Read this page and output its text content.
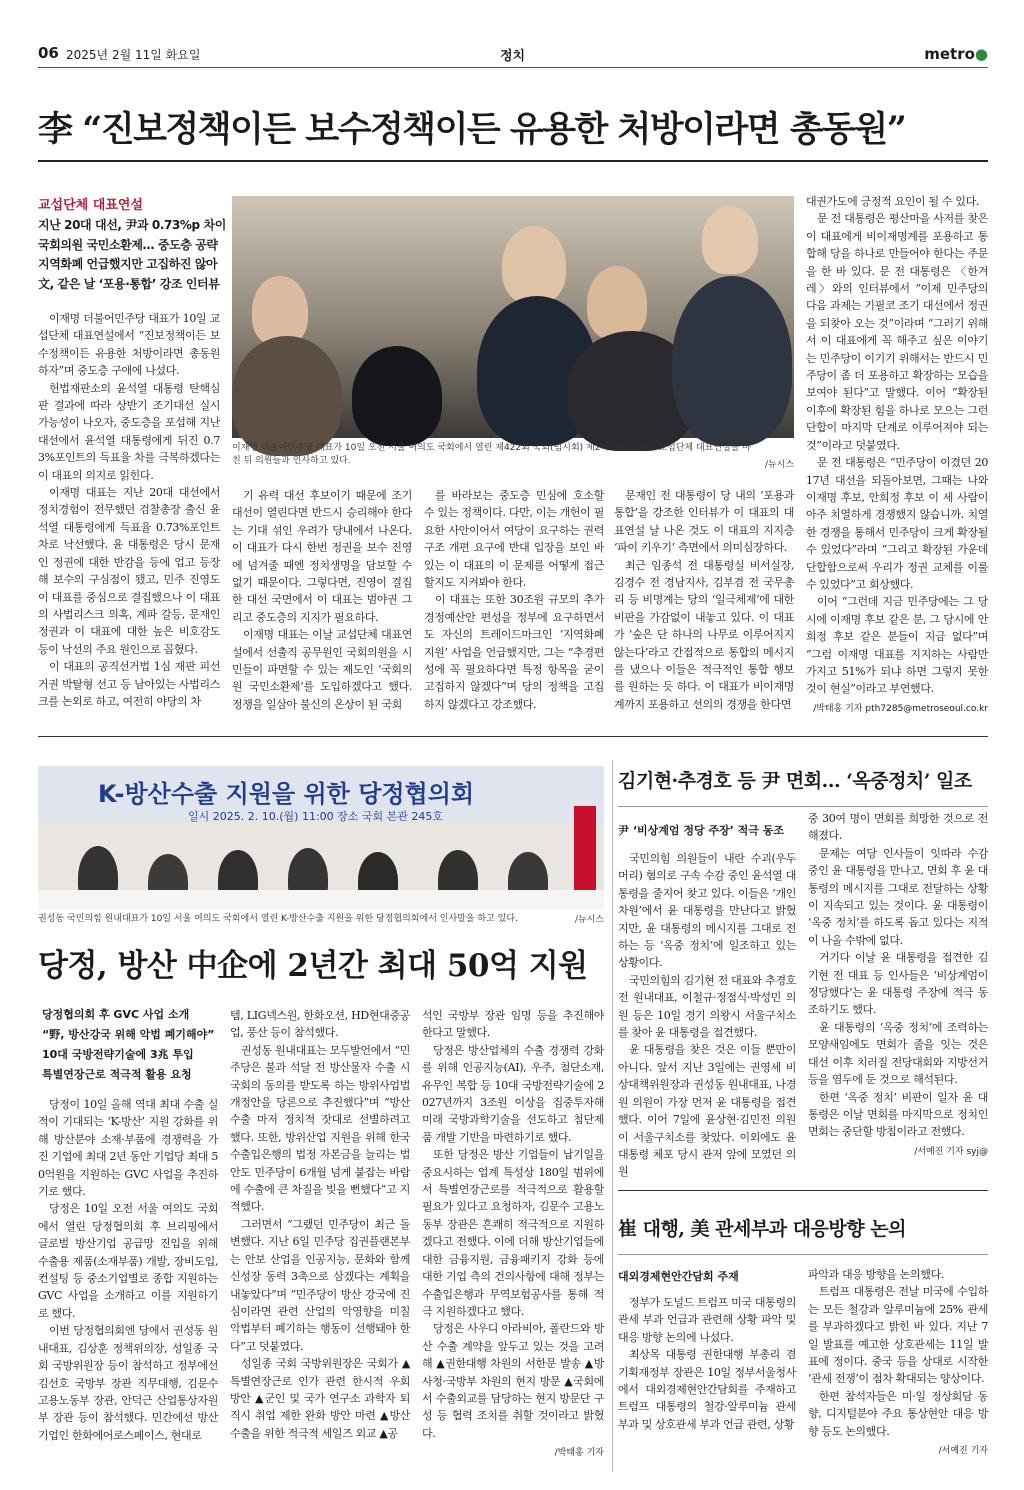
06 2025년 2월 11일 화요일	정치	metro●
李 “진보정책이든 보수정책이든 유용한 처방이라면 총동원”
교섭단체 대표연설
지난 20대 대선, 尹과 0.73%p 차이
국회의원 국민소환제… 중도층 공략
지역화폐 언급했지만 고집하진 않아
文, 같은 날 ‘포용·통합’ 강조 인터뷰

이재명 더불어민주당 대표가 10일 교섭단체 대표연설에서 “진보정책이든 보수정책이든 유용한 처방이라면 총동원하자”며 중도층 구애에 나섰다.

헌법재판소의 윤석열 대통령 탄핵심판 결과에 따라 상반기 조기대선 실시 가능성이 나오자, 중도층을 포섭해 지난 대선에서 윤석열 대통령에게 뒤진 0.73%포인트의 득표율 차를 극복하겠다는 이 대표의 의지로 읽힌다.

이재명 대표는 지난 20대 대선에서 정치경험이 전무했던 검찰총장 출신 윤석열 대통령에게 득표율 0.73%포인트 차로 낙선했다. 윤 대통령은 당시 문재인 정권에 대한 반감을 등에 업고 등장해 보수의 구심점이 됐고, 민주 진영도 이 대표를 중심으로 결집했으나 이 대표의 사법리스크 의혹, 계파 갈등, 문재인 정권과 이 대표에 대한 높은 비호감도 등이 낙선의 주요 원인으로 꼽혔다.

이 대표의 공직선거법 1심 재판 피선거권 박탈형 선고 등 남아있는 사법리스크를 논외로 하고, 여전히 야당의 차

이재명 더불어민주당 대표가 10일 오전 서울 여의도 국회에서 열린 제422회 국회(임시회) 제2차 본회의에서 교섭단체 대표연설을 마친 뒤 의원들과 인사하고 있다.	/뉴시스

기 유력 대선 후보이기 때문에 조기 대선이 열린다면 반드시 승리해야 한다는 기대 섞인 우려가 당내에서 나온다. 이 대표가 다시 한번 정권을 보수 진영에 넘겨줄 때엔 정치생명을 담보할 수 없기 때문이다. 그렇다면, 진영이 결집한 대선 국면에서 이 대표는 범야권 그리고 중도층의 지지가 필요하다.

이재명 대표는 이날 교섭단체 대표연설에서 선출직 공무원인 국회의원을 시민들이 파면할 수 있는 제도인 ‘국회의원 국민소환제’를 도입하겠다고 했다. 정쟁을 일삼아 불신의 온상이 된 국회

를 바라보는 중도층 민심에 호소할 수 있는 정책이다. 다만, 이는 개헌이 필요한 사안이어서 여당이 요구하는 권력구조 개편 요구에 반대 입장을 보인 바 있는 이 대표의 이 문제를 어떻게 접근할지도 지켜봐야 한다.

이 대표는 또한 30조원 규모의 추가경정예산안 편성을 정부에 요구하면서도 자신의 트레이드마크인 ‘지역화폐 지원’ 사업을 언급했지만, 그는 “추경편성에 꼭 필요하다면 특정 항목을 굳이 고집하지 않겠다”며 당의 정책을 고집하지 않겠다고 강조했다.

문재인 전 대통령이 당 내의 ‘포용과 통합’을 강조한 인터뷰가 이 대표의 대표연설 날 나온 것도 이 대표의 지지층 ‘파이 키우기’ 측면에서 의미심장하다.

최근 임종석 전 대통령실 비서실장, 김경수 전 경남지사, 김부겸 전 국무총리 등 비명계는 당의 ‘일극체제’에 대한 비판을 가감없이 내놓고 있다. 이 대표가 ‘숲은 단 하나의 나무로 이루어지지 않는다’라고 간접적으로 통합의 메시지를 냈으나 이들은 적극적인 통합 행보를 원하는 듯 하다. 이 대표가 비이재명계까지 포용하고 선의의 경쟁을 한다면

대권가도에 긍정적 요인이 될 수 있다.

문 전 대통령은 평산마을 사저를 찾은 이 대표에게 비이재명계를 포용하고 통합해 당을 하나로 만들어야 한다는 주문을 한 바 있다. 문 전 대통령은 〈한겨레〉와의 인터뷰에서 “이제 민주당의 다음 과제는 기필코 조기 대선에서 정권을 되찾아 오는 것”이라며 “그러기 위해서 이 대표에게 꼭 해주고 싶은 이야기는 민주당이 이기기 위해서는 반드시 민주당이 좀 더 포용하고 확장하는 모습을 보여야 된다”고 말했다. 이어 “확장된 이후에 확장된 힘을 하나로 모으는 그런 단합이 마지막 단계로 이루어져야 되는 것”이라고 덧붙였다.

문 전 대통령은 “민주당이 이겼던 2017년 대선을 되돌아보면, 그때는 나와 이재명 후보, 안희정 후보 이 세 사람이 아주 치열하게 경쟁했지 않습니까. 치열한 경쟁을 통해서 민주당이 크게 확장될 수 있었다”라며 “그리고 확장된 가운데 단합함으로써 우리가 정권 교체를 이룰 수 있었다”고 회상했다.

이어 “그런데 지금 민주당에는 그 당시에 이재명 후보 같은 분, 그 당시에 안희정 후보 같은 분들이 지금 없다”며 “그럼 이재명 대표를 지지하는 사람만 가지고 51%가 되냐 하면 그렇지 못한 것이 현실”이라고 부연했다.

/박태홍 기자 pth7285@metroseoul.co.kr
K-방산수출 지원을 위한 당정협의회
일시 2025. 2. 10.(월) 11:00 장소 국회 본관 245호
권성동 국민의힘 원내대표가 10일 서울 여의도 국회에서 열린 K-방산수출 지원을 위한 당정협의회에서 인사말을 하고 있다.	/뉴시스
당정, 방산 中企에 2년간 최대 50억 지원
당정협의회 후 GVC 사업 소개
“野, 방산강국 위해 악법 폐기해야”
10대 국방전략기술에 3兆 투입
특별연장근로 적극적 활용 요청

당정이 10일 올해 역대 최대 수출 실적이 기대되는 ‘K-방산’ 지원 강화를 위해 방산분야 소재·부품에 경쟁력을 가진 기업에 최대 2년 동안 기업당 최대 50억원을 지원하는 GVC 사업을 추진하기로 했다.

당정은 10일 오전 서울 여의도 국회에서 열린 당정협의회 후 브리핑에서 글로벌 방산기업 공급망 진입을 위해 수출용 제품(소재부품) 개발, 장비도입, 컨설팅 등 중소기업별로 종합 지원하는 GVC 사업을 소개하고 이를 지원하기로 했다.

이번 당정협의회엔 당에서 권성동 원내대표, 김상훈 정책위의장, 성일종 국회 국방위원장 등이 참석하고 정부에선 김선호 국방부 장관 직무대행, 김문수 고용노동부 장관, 안덕근 산업통상자원부 장관 등이 참석했다. 민간에선 방산기업인 한화에어로스페이스, 현대로

템, LIG넥스원, 한화오션, HD현대중공업, 풍산 등이 참석했다.

권성동 원내대표는 모두발언에서 “민주당은 불과 석달 전 방산물자 수출 시 국회의 동의를 받도록 하는 방위사업법 개정안을 당론으로 추진했다”며 “방산수출 마저 정치적 잣대로 선별하려고 했다. 또한, 방위산업 지원을 위해 한국수출입은행의 법정 자본금을 늘리는 법안도 민주당이 6개월 넘게 붙잡는 바람에 수출에 큰 차질을 빚을 뻔했다”고 지적했다.

그러면서 “그랬던 민주당이 최근 돌변했다. 지난 6일 민주당 집권플랜본부는 안보 산업을 인공지능, 문화와 함께 신성장 동력 3축으로 삼겠다는 계획을 내놓았다”며 “민주당이 방산 강국에 진심이라면 관련 산업의 악영향을 미칠 악법부터 폐기하는 행동이 선행돼야 한다”고 덧붙였다.

성일종 국회 국방위원장은 국회가 ▲특별연장근로 인가 관련 한시적 우회 방안 ▲군인 및 국가 연구소 과학자 퇴직시 취업 제한 완화 방안 마련 ▲방산수출을 위한 적극적 세일즈 외교 ▲공

석인 국방부 장관 임명 등을 추진해야 한다고 말했다.

당정은 방산업체의 수출 경쟁력 강화를 위해 인공지능(AI), 우주, 첨단소재, 유무인 복합 등 10대 국방전략기술에 2027년까지 3조원 이상을 집중투자해 미래 국방과학기술을 선도하고 첨단제품 개발 기반을 마련하기로 했다.

또한 당정은 방산 기업들이 납기일을 중요시하는 업계 특성상 180일 범위에서 특별연장근로를 적극적으로 활용할 필요가 있다고 요청하자, 김문수 고용노동부 장관은 흔쾌히 적극적으로 지원하겠다고 전했다. 이에 더해 방산기업들에 대한 금융지원, 금융패키지 강화 등에 대한 기업 측의 건의사항에 대해 정부는 수출입은행과 무역보험공사를 통해 적극 지원하겠다고 했다.

당정은 사우디 아라비아, 폴란드와 방산 수출 계약을 앞두고 있는 것을 고려해 ▲권한대행 차원의 서한문 발송 ▲방사청·국방부 차원의 현지 방문 ▲국회에서 수출외교를 담당하는 현지 방문단 구성 등 협력 조치를 취할 것이라고 밝혔다.

/박태홍 기자
김기현·추경호 등 尹 면회… ‘옥중정치’ 일조
尹 ‘비상계엄 정당 주장’ 적극 동조

국민의힘 의원들이 내란 수괴(우두머리) 혐의로 구속 수감 중인 윤석열 대통령을 줄지어 찾고 있다. 이들은 ‘개인 차원’에서 윤 대통령을 만난다고 밝혔지만, 윤 대통령의 메시지를 그대로 전하는 등 ‘옥중 정치’에 일조하고 있는 상황이다.

국민의힘의 김기현 전 대표와 추경호 전 원내대표, 이철규·정점식·박성민 의원 등은 10일 경기 의왕시 서울구치소를 찾아 윤 대통령을 접견했다.

윤 대통령을 찾은 것은 이들 뿐만이 아니다. 앞서 지난 3일에는 권영세 비상대책위원장과 권성동 원내대표, 나경원 의원이 가장 먼저 윤 대통령을 접견했다. 이어 7일에 윤상현·김민전 의원이 서울구치소를 찾았다. 이외에도 윤 대통령 체포 당시 관저 앞에 모였던 의원

중 30여 명이 면회를 희망한 것으로 전해졌다.

문제는 여당 인사들이 잇따라 수감 중인 윤 대통령을 만나고, 면회 후 윤 대통령의 메시지를 그대로 전달하는 상황이 지속되고 있는 것이다. 윤 대통령이 ‘옥중 정치’를 하도록 돕고 있다는 지적이 나올 수밖에 없다.

거기다 이날 윤 대통령을 접견한 김기현 전 대표 등 인사들은 ‘비상계엄이 정당했다’는 윤 대통령 주장에 적극 동조하기도 했다.

윤 대통령의 ‘옥중 정치’에 조력하는 모양새임에도 면회가 줄을 잇는 것은 대선 이후 치러질 전당대회와 지방선거 등을 염두에 둔 것으로 해석된다.

한편 ‘옥중 정치’ 비판이 일자 윤 대통령은 이날 면회를 마지막으로 정치인 면회는 중단할 방침이라고 전했다.

/서예진 기자 syj@
崔 대행, 美 관세부과 대응방향 논의
대외경제현안간담회 주재

정부가 도널드 트럼프 미국 대통령의 관세 부과 언급과 관련해 상황 파악 및 대응 방향 논의에 나섰다.

최상목 대통령 권한대행 부총리 겸 기획재정부 장관은 10일 정부서울청사에서 대외경제현안간담회를 주재하고 트럼프 대통령의 철강·알루미늄 관세 부과 및 상호관세 부과 언급 관련, 상황

파악과 대응 방향을 논의했다.

트럼프 대통령은 전날 미국에 수입하는 모든 철강과 알루미늄에 25% 관세를 부과하겠다고 밝힌 바 있다. 지난 7일 발표를 예고한 상호관세는 11일 발표에 정이다. 중국 등을 상대로 시작한 ‘관세 전쟁’이 점차 확대되는 양상이다.

한편 참석자들은 미·일 정상회담 동향, 디지털분야 주요 통상현안 대응 방향 등도 논의했다.

/서예진 기자
